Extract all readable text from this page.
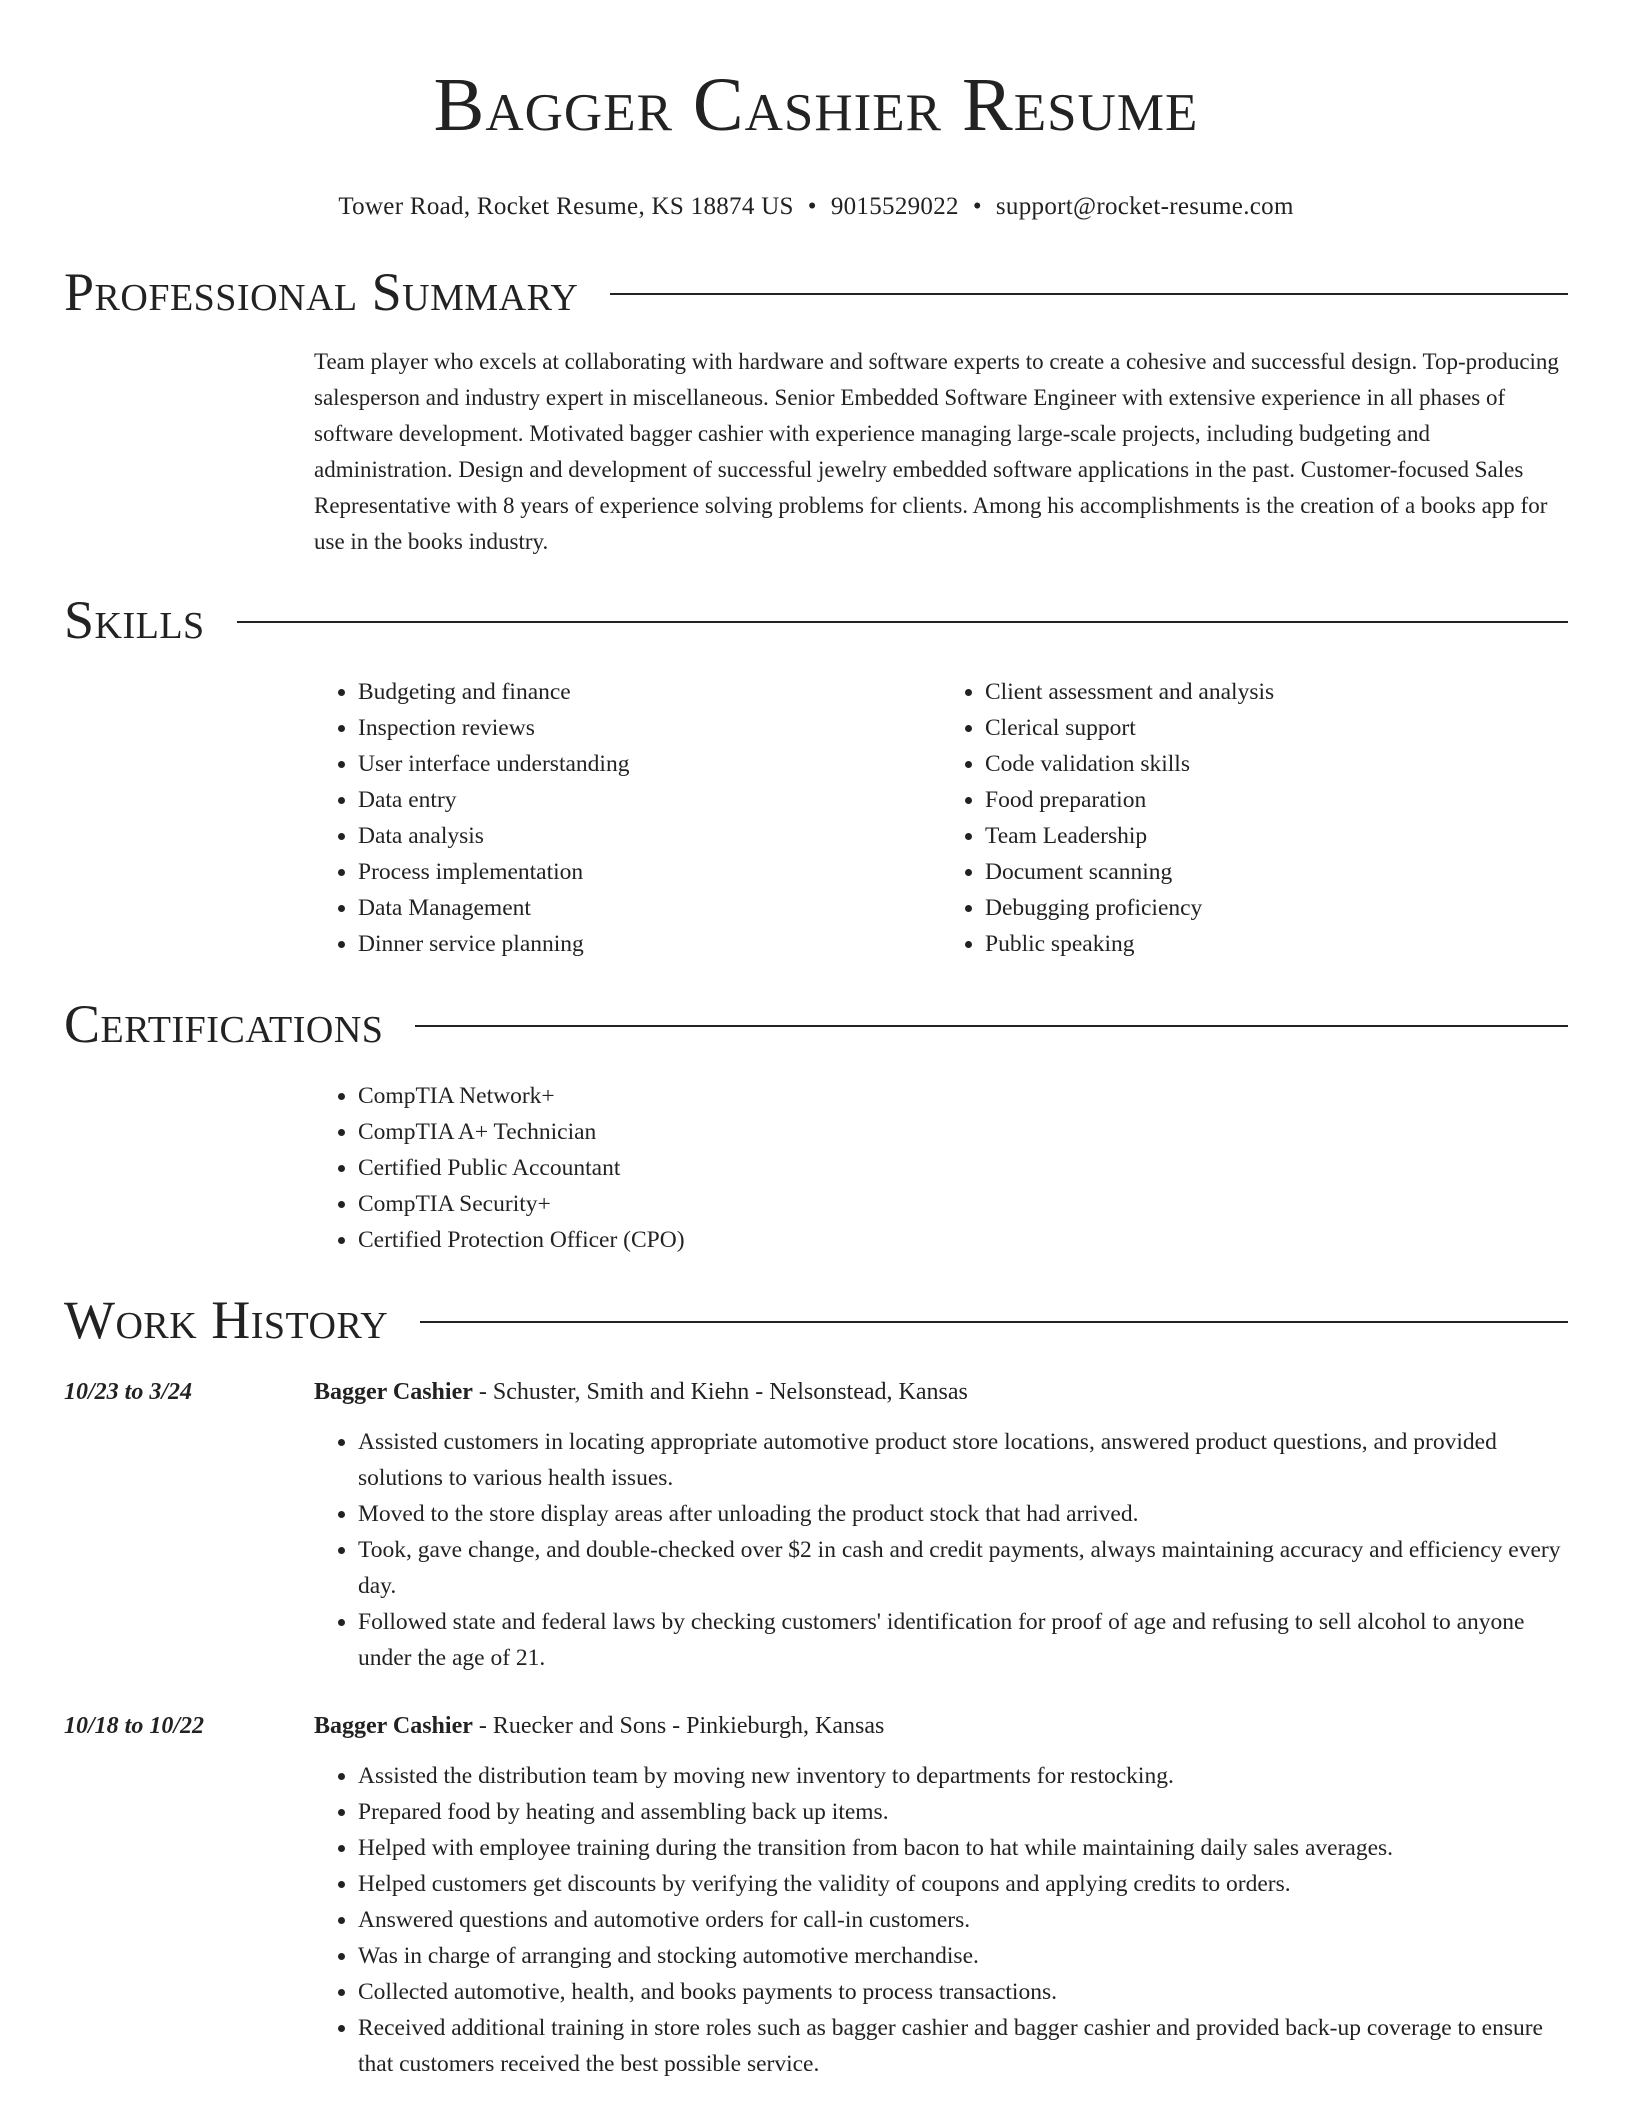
Bagger Cashier Resume
Tower Road, Rocket Resume, KS 18874 US • 9015529022 • support@rocket-resume.com
Professional Summary

Team player who excels at collaborating with hardware and software experts to create a cohesive and successful design. Top-producing salesperson and industry expert in miscellaneous. Senior Embedded Software Engineer with extensive experience in all phases of software development. Motivated bagger cashier with experience managing large-scale projects, including budgeting and administration. Design and development of successful jewelry embedded software applications in the past. Customer-focused Sales Representative with 8 years of experience solving problems for clients. Among his accomplishments is the creation of a books app for use in the books industry.

Skills
• Budgeting and finance
• Inspection reviews
• User interface understanding
• Data entry
• Data analysis
• Process implementation
• Data Management
• Dinner service planning
• Client assessment and analysis
• Clerical support
• Code validation skills
• Food preparation
• Team Leadership
• Document scanning
• Debugging proficiency
• Public speaking
Certifications
• CompTIA Network+
• CompTIA A+ Technician
• Certified Public Accountant
• CompTIA Security+
• Certified Protection Officer (CPO)
Work History
10/23 to 3/24	Bagger Cashier - Schuster, Smith and Kiehn - Nelsonstead, Kansas
• Assisted customers in locating appropriate automotive product store locations, answered product questions, and provided solutions to various health issues.
• Moved to the store display areas after unloading the product stock that had arrived.
• Took, gave change, and double-checked over $2 in cash and credit payments, always maintaining accuracy and efficiency every day.
• Followed state and federal laws by checking customers' identification for proof of age and refusing to sell alcohol to anyone under the age of 21.
10/18 to 10/22	Bagger Cashier - Ruecker and Sons - Pinkieburgh, Kansas
• Assisted the distribution team by moving new inventory to departments for restocking.
• Prepared food by heating and assembling back up items.
• Helped with employee training during the transition from bacon to hat while maintaining daily sales averages.
• Helped customers get discounts by verifying the validity of coupons and applying credits to orders.
• Answered questions and automotive orders for call-in customers.
• Was in charge of arranging and stocking automotive merchandise.
• Collected automotive, health, and books payments to process transactions.
• Received additional training in store roles such as bagger cashier and bagger cashier and provided back-up coverage to ensure that customers received the best possible service.
